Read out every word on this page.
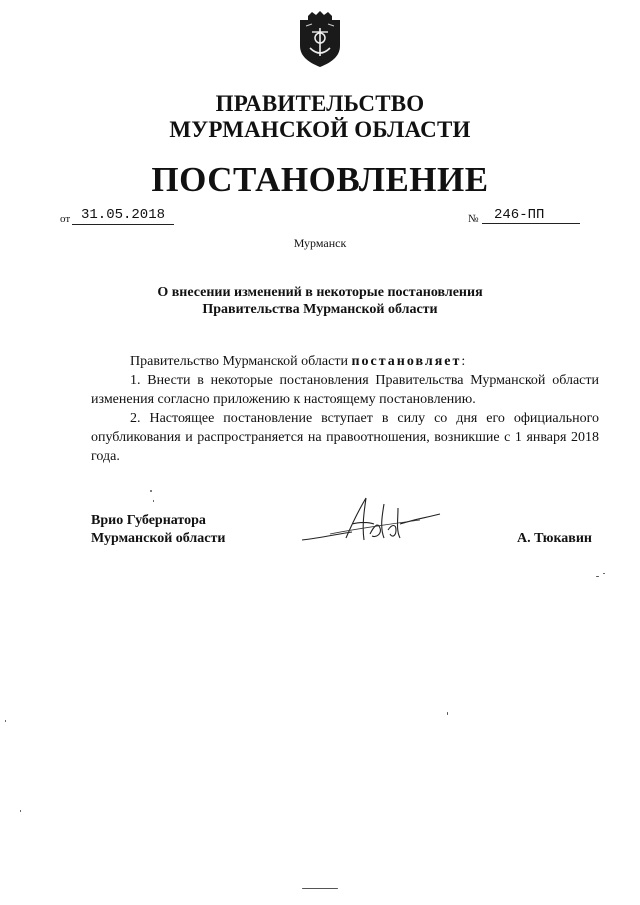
ПРАВИТЕЛЬСТВО
МУРМАНСКОЙ ОБЛАСТИ
ПОСТАНОВЛЕНИЕ
от 31.05.2018	№	246-ПП
Мурманск
О внесении изменений в некоторые постановления
Правительства Мурманской области

Правительство Мурманской области постановляет:

1. Внести в некоторые постановления Правительства Мурманской области изменения согласно приложению к настоящему постановлению.

2. Настоящее постановление вступает в силу со дня его официального опубликования и распространяется на правоотношения, возникшие с 1 января 2018 года.

Врио Губернатора
Мурманской области	А. Тюкавин
